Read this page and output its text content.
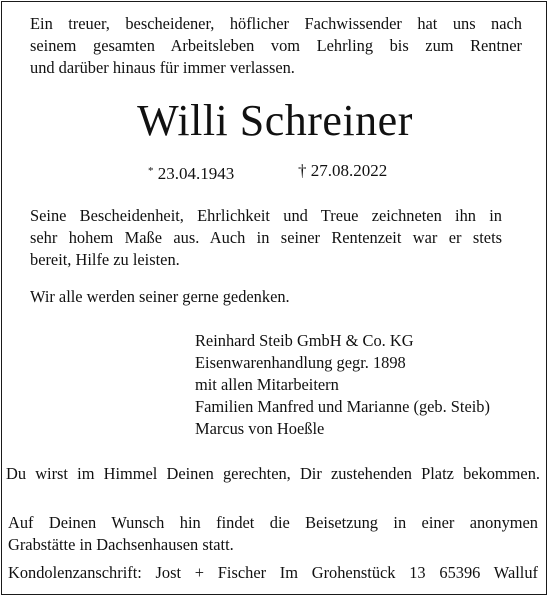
Ein treuer, bescheidener, höflicher Fachwissender hat uns nach
seinem gesamten Arbeitsleben vom Lehrling bis zum Rentner
und darüber hinaus für immer verlassen.
Willi Schreiner
* 23.04.1943	† 27.08.2022
Seine Bescheidenheit, Ehrlichkeit und Treue zeichneten ihn in
sehr hohem Maße aus. Auch in seiner Rentenzeit war er stets
bereit, Hilfe zu leisten.
Wir alle werden seiner gerne gedenken.
Reinhard Steib GmbH & Co. KG
Eisenwarenhandlung gegr. 1898
mit allen Mitarbeitern
Familien Manfred und Marianne (geb. Steib)
Marcus von Hoeßle
Du wirst im Himmel Deinen gerechten, Dir zustehenden Platz bekommen.
Auf Deinen Wunsch hin findet die Beisetzung in einer anonymen
Grabstätte in Dachsenhausen statt.
Kondolenzanschrift: Jost + Fischer Im Grohenstück 13 65396 Walluf
